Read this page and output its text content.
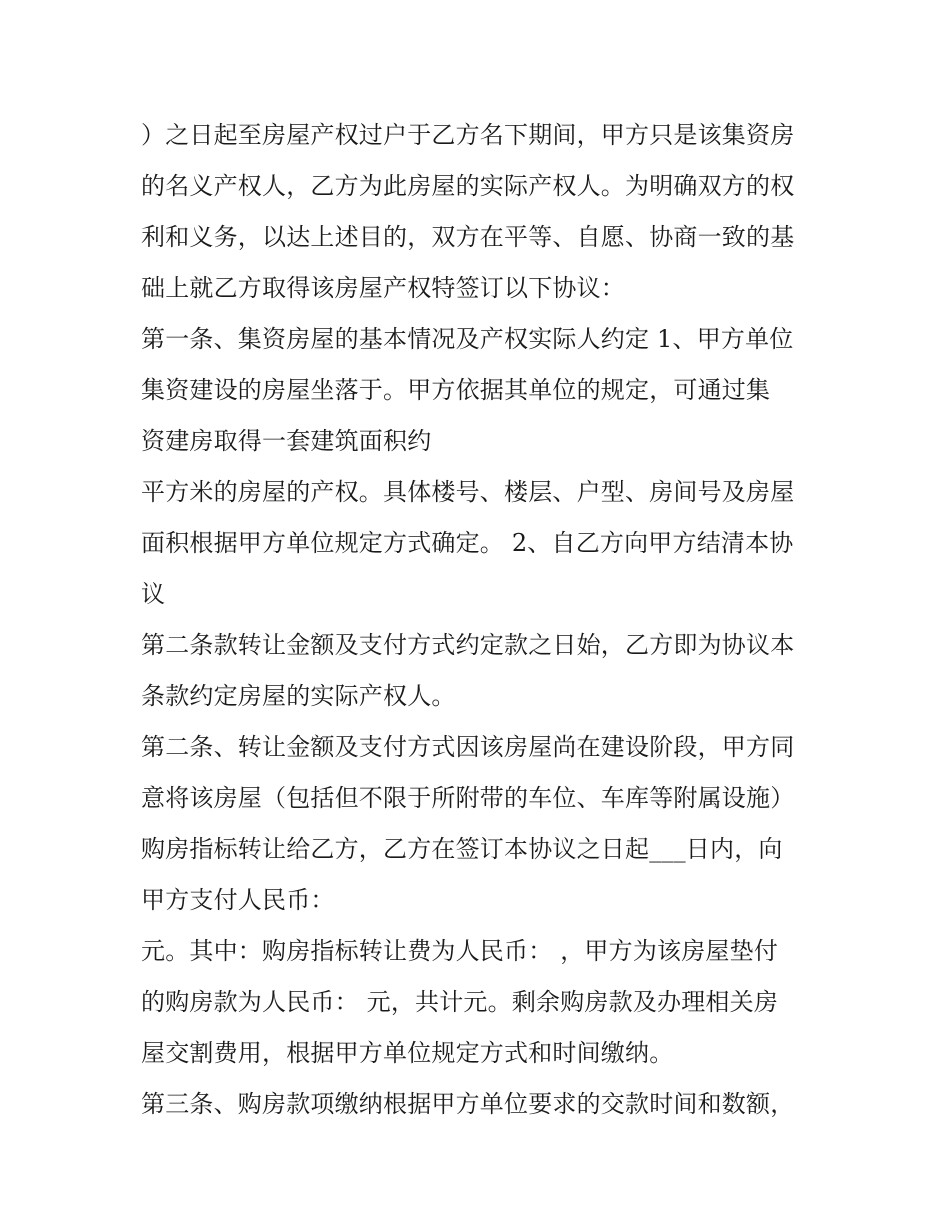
）之日起至房屋产权过户于乙方名下期间，甲方只是该集资房
的名义产权人，乙方为此房屋的实际产权人。为明确双方的权
利和义务，以达上述目的，双方在平等、自愿、协商一致的基
础上就乙方取得该房屋产权特签订以下协议：
第一条、集资房屋的基本情况及产权实际人约定 1、甲方单位
集资建设的房屋坐落于。甲方依据其单位的规定，可通过集
资建房取得一套建筑面积约
平方米的房屋的产权。具体楼号、楼层、户型、房间号及房屋
面积根据甲方单位规定方式确定。 2、自乙方向甲方结清本协
议
第二条款转让金额及支付方式约定款之日始，乙方即为协议本
条款约定房屋的实际产权人。
第二条、转让金额及支付方式因该房屋尚在建设阶段，甲方同
意将该房屋（包括但不限于所附带的车位、车库等附属设施）
购房指标转让给乙方，乙方在签订本协议之日起___日内，向
甲方支付人民币：
元。其中：购房指标转让费为人民币： ，甲方为该房屋垫付
的购房款为人民币： 元，共计元。剩余购房款及办理相关房
屋交割费用，根据甲方单位规定方式和时间缴纳。
第三条、购房款项缴纳根据甲方单位要求的交款时间和数额，
